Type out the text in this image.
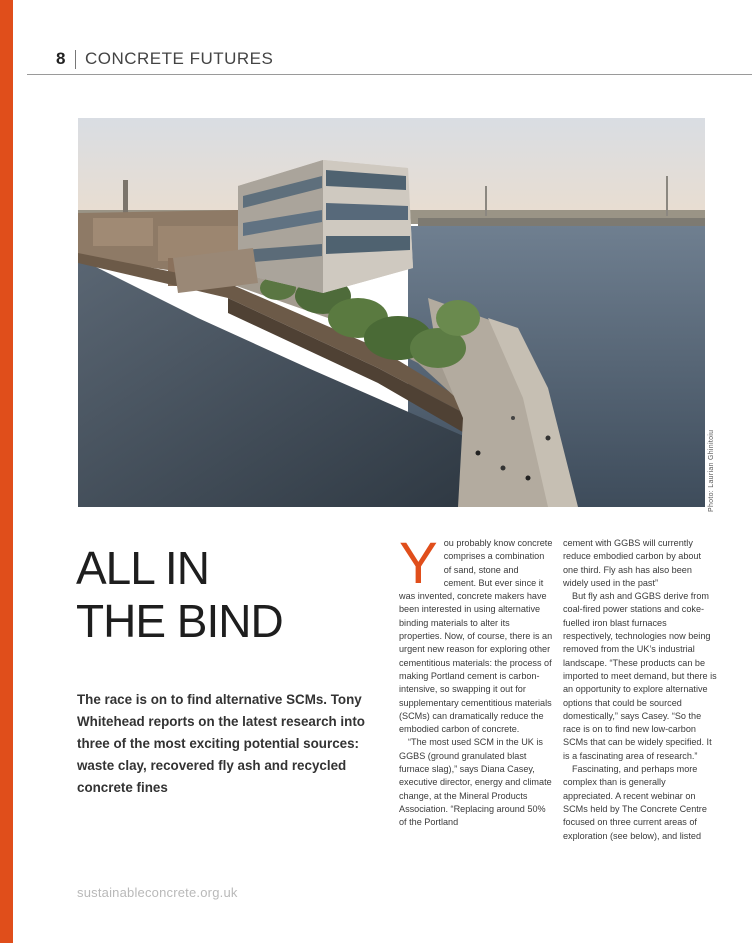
8 CONCRETE FUTURES
Photo: Laurian Ghinitoiu
ALL IN
THE BIND

The race is on to find alternative SCMs. Tony Whitehead reports on the latest research into three of the most exciting potential sources: waste clay, recovered fly ash and recycled concrete fines

You probably know concrete comprises a combination of sand, stone and cement. But ever since it was invented, concrete makers have been interested in using alternative binding materials to alter its properties. Now, of course, there is an urgent new reason for exploring other cementitious materials: the process of making Portland cement is carbon-intensive, so swapping it out for supplementary cementitious materials (SCMs) can dramatically reduce the embodied carbon of concrete.

“The most used SCM in the UK is GGBS (ground granulated blast furnace slag),” says Diana Casey, executive director, energy and climate change, at the Mineral Products Association. “Replacing around 50% of the Portland

cement with GGBS will currently reduce embodied carbon by about one third. Fly ash has also been widely used in the past”

But fly ash and GGBS derive from coal-fired power stations and coke-fuelled iron blast furnaces respectively, technologies now being removed from the UK’s industrial landscape. “These products can be imported to meet demand, but there is an opportunity to explore alternative options that could be sourced domestically,” says Casey. “So the race is on to find new low-carbon SCMs that can be widely specified. It is a fascinating area of research.”

Fascinating, and perhaps more complex than is generally appreciated. A recent webinar on SCMs held by The Concrete Centre focused on three current areas of exploration (see below), and listed

sustainableconcrete.org.uk
